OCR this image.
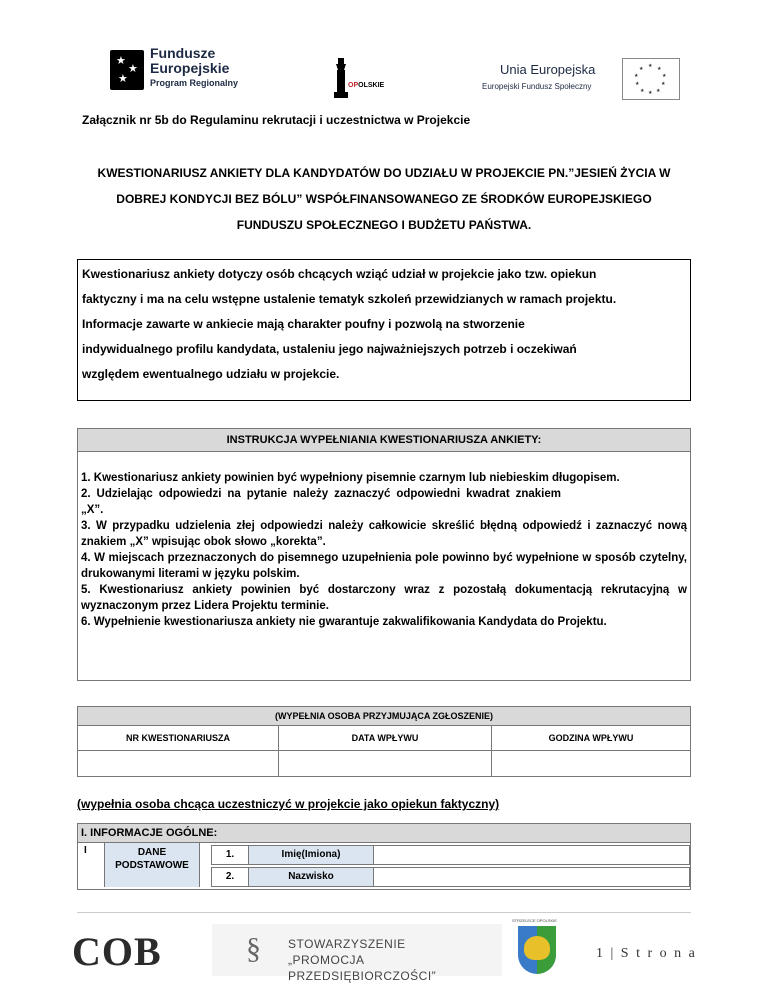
★
★
★
Fundusze
Europejskie
Program Regionalny	OPOLSKIE
Unia Europejska
Europejski Fundusz Społeczny
★ ★
★
★
★
★
★
★
★
★
Załącznik nr 5b do Regulaminu rekrutacji i uczestnictwa w Projekcie

KWESTIONARIUSZ ANKIETY DLA KANDYDATÓW DO UDZIAŁU W PROJEKCIE PN.”JESIEŃ ŻYCIA W

DOBREJ KONDYCJI BEZ BÓLU” WSPÓŁFINANSOWANEGO ZE ŚRODKÓW EUROPEJSKIEGO

FUNDUSZU SPOŁECZNEGO I BUDŻETU PAŃSTWA.

Kwestionariusz ankiety dotyczy osób chcących wziąć udział w projekcie jako tzw. opiekun

faktyczny i ma na celu wstępne ustalenie tematyk szkoleń przewidzianych w ramach projektu.

Informacje zawarte w ankiecie mają charakter poufny i pozwolą na stworzenie

indywidualnego profilu kandydata, ustaleniu jego najważniejszych potrzeb i oczekiwań

względem ewentualnego udziału w projekcie.

INSTRUKCJA WYPEŁNIANIA KWESTIONARIUSZA ANKIETY:

1. Kwestionariusz ankiety powinien być wypełniony pisemnie czarnym lub niebieskim długopisem.

2. Udzielając odpowiedzi na pytanie należy zaznaczyć odpowiedni kwadrat znakiem „X”.

3. W przypadku udzielenia złej odpowiedzi należy całkowicie skreślić błędną odpowiedź i zaznaczyć nową znakiem „X” wpisując obok słowo „korekta”.

4. W miejscach przeznaczonych do pisemnego uzupełnienia pole powinno być wypełnione w sposób czytelny, drukowanymi literami w języku polskim.

5. Kwestionariusz ankiety powinien być dostarczony wraz z pozostałą dokumentacją rekrutacyjną w wyznaczonym przez Lidera Projektu terminie.

6. Wypełnienie kwestionariusza ankiety nie gwarantuje zakwalifikowania Kandydata do Projektu.

(WYPEŁNIA OSOBA PRZYJMUJĄCA ZGŁOSZENIE)		
NR KWESTIONARIUSZA	DATA WPŁYWU	GODZINA WPŁYWU

(wypełnia osoba chcąca uczestniczyć w projekcie jako opiekun faktyczny)
I. INFORMACJE OGÓLNE:
I	DANE
PODSTAWOWE
1.	Imię(Imiona)
2.	Nazwisko
COB	§ STOWARZYSZENIE
„PROMOCJA PRZEDSIĘBIORCZOŚCI”
STRZELECE OPOLSKIE
1 | S t r o n a
